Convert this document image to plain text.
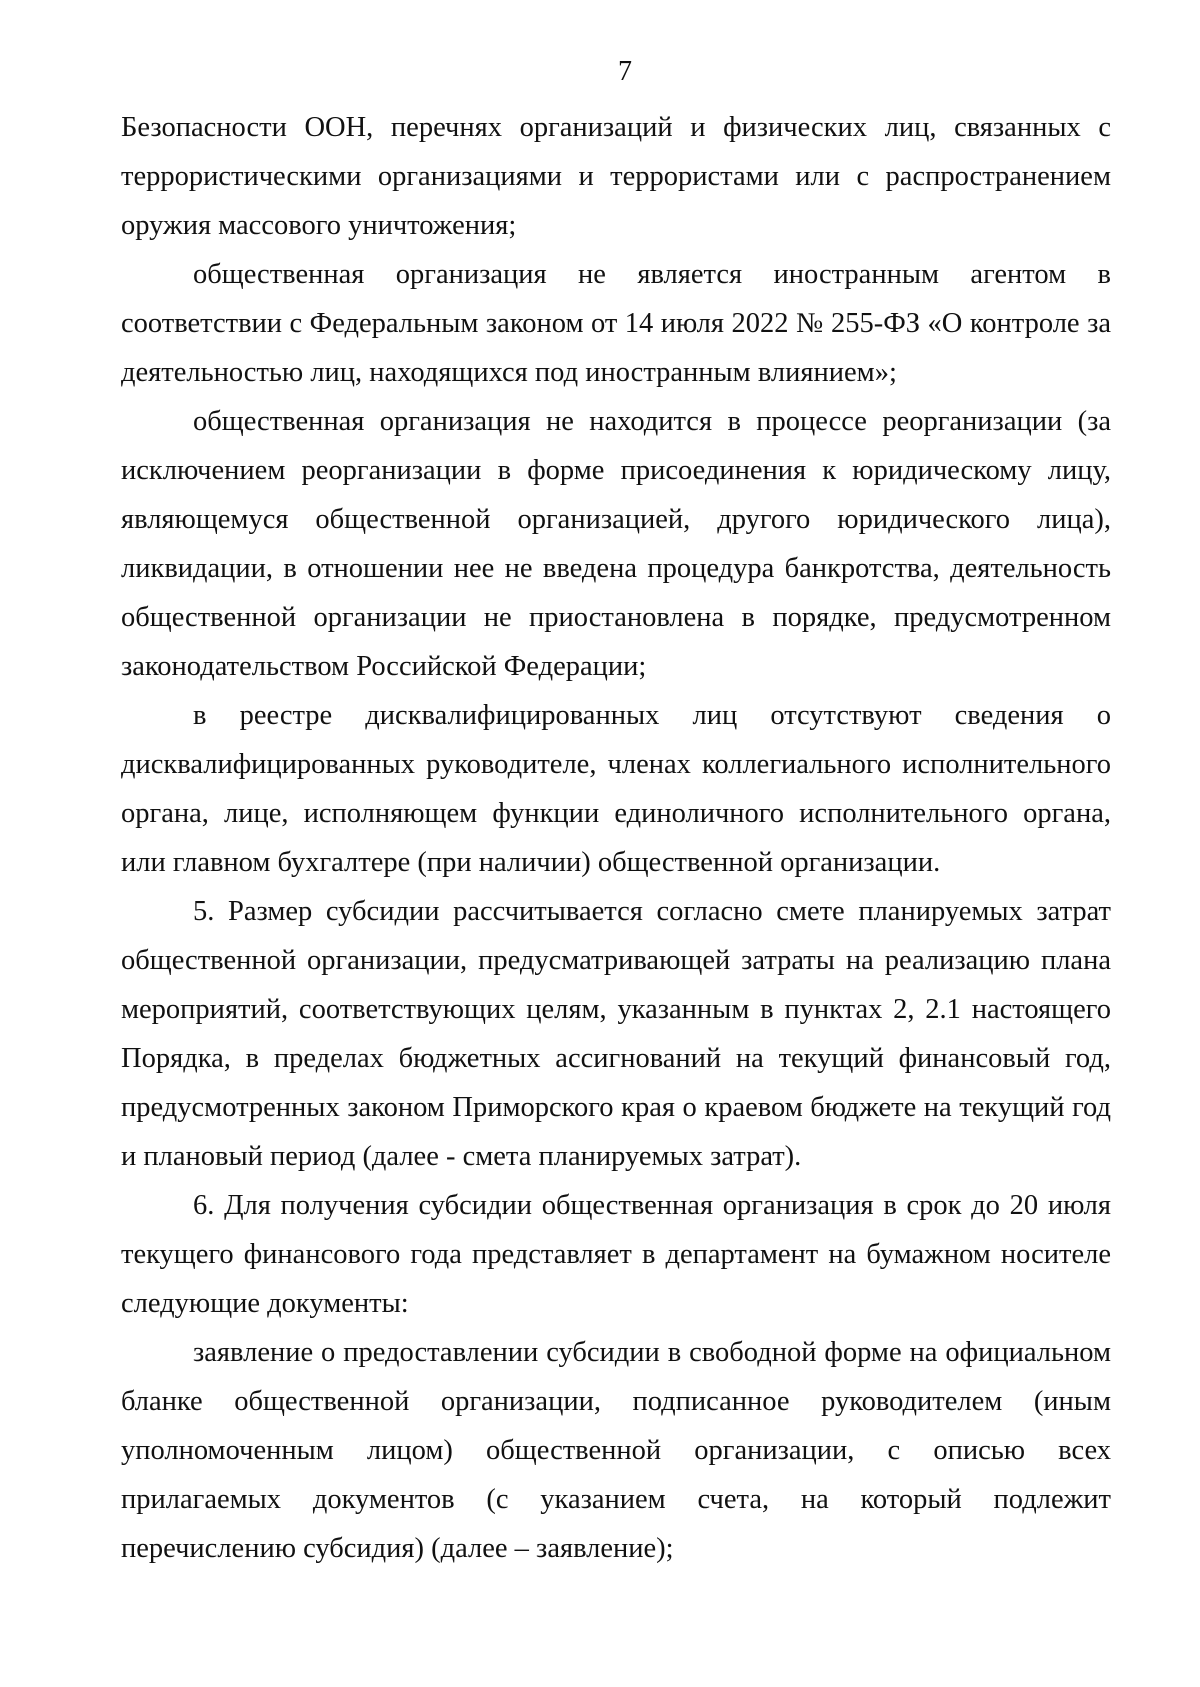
7

Безопасности ООН, перечнях организаций и физических лиц, связанных с террористическими организациями и террористами или с распространением оружия массового уничтожения;

общественная организация не является иностранным агентом в соответствии с Федеральным законом от 14 июля 2022 № 255-ФЗ «О контроле за деятельностью лиц, находящихся под иностранным влиянием»;

общественная организация не находится в процессе реорганизации (за исключением реорганизации в форме присоединения к юридическому лицу, являющемуся общественной организацией, другого юридического лица), ликвидации, в отношении нее не введена процедура банкротства, деятельность общественной организации не приостановлена в порядке, предусмотренном законодательством Российской Федерации;

в реестре дисквалифицированных лиц отсутствуют сведения о дисквалифицированных руководителе, членах коллегиального исполнительного органа, лице, исполняющем функции единоличного исполнительного органа, или главном бухгалтере (при наличии) общественной организации.

5. Размер субсидии рассчитывается согласно смете планируемых затрат общественной организации, предусматривающей затраты на реализацию плана мероприятий, соответствующих целям, указанным в пунктах 2, 2.1 настоящего Порядка, в пределах бюджетных ассигнований на текущий финансовый год, предусмотренных законом Приморского края о краевом бюджете на текущий год и плановый период (далее - смета планируемых затрат).

6. Для получения субсидии общественная организация в срок до 20 июля текущего финансового года представляет в департамент на бумажном носителе следующие документы:

заявление о предоставлении субсидии в свободной форме на официальном бланке общественной организации, подписанное руководителем (иным уполномоченным лицом) общественной организации, с описью всех прилагаемых документов (с указанием счета, на который подлежит перечислению субсидия) (далее – заявление);
